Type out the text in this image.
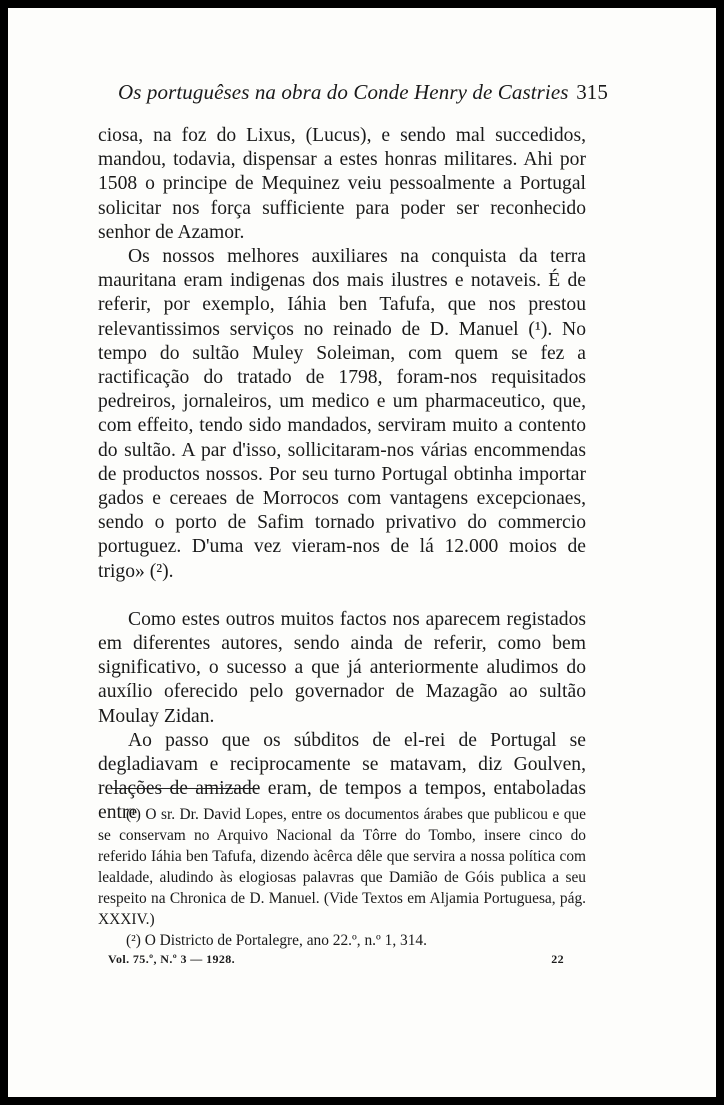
Os portuguêses na obra do Conde Henry de Castries 315

ciosa, na foz do Lixus, (Lucus), e sendo mal succedidos, mandou, todavia, dispensar a estes honras militares. Ahi por 1508 o principe de Mequinez veiu pessoalmente a Portugal solicitar nos força sufficiente para poder ser reconhecido senhor de Azamor.

Os nossos melhores auxiliares na conquista da terra mauritana eram indigenas dos mais ilustres e notaveis. É de referir, por exemplo, Iáhia ben Tafufa, que nos prestou relevantissimos serviços no reinado de D. Manuel (¹). No tempo do sultão Muley Soleiman, com quem se fez a ractificação do tratado de 1798, foram-nos requisitados pedreiros, jornaleiros, um medico e um pharmaceutico, que, com effeito, tendo sido mandados, serviram muito a contento do sultão. A par d'isso, sollicitaram-nos várias encommendas de productos nossos. Por seu turno Portugal obtinha importar gados e cereaes de Morrocos com vantagens excepcionaes, sendo o porto de Safim tornado privativo do commercio portuguez. D'uma vez vieram-nos de lá 12.000 moios de trigo» (²).

Como estes outros muitos factos nos aparecem registados em diferentes autores, sendo ainda de referir, como bem significativo, o sucesso a que já anteriormente aludimos do auxílio oferecido pelo governador de Mazagão ao sultão Moulay Zidan.

Ao passo que os súbditos de el-rei de Portugal se degladiavam e reciprocamente se matavam, diz Goulven, relações de amizade eram, de tempos a tempos, entaboladas entre

(¹) O sr. Dr. David Lopes, entre os documentos árabes que publicou e que se conservam no Arquivo Nacional da Tôrre do Tombo, insere cinco do referido Iáhia ben Tafufa, dizendo àcêrca dêle que servira a nossa política com lealdade, aludindo às elogiosas palavras que Damião de Góis publica a seu respeito na Chronica de D. Manuel. (Vide Textos em Aljamia Portuguesa, pág. XXXIV.)

(²) O Districto de Portalegre, ano 22.º, n.º 1, 314.

Vol. 75.º, N.º 3 — 1928.	22
